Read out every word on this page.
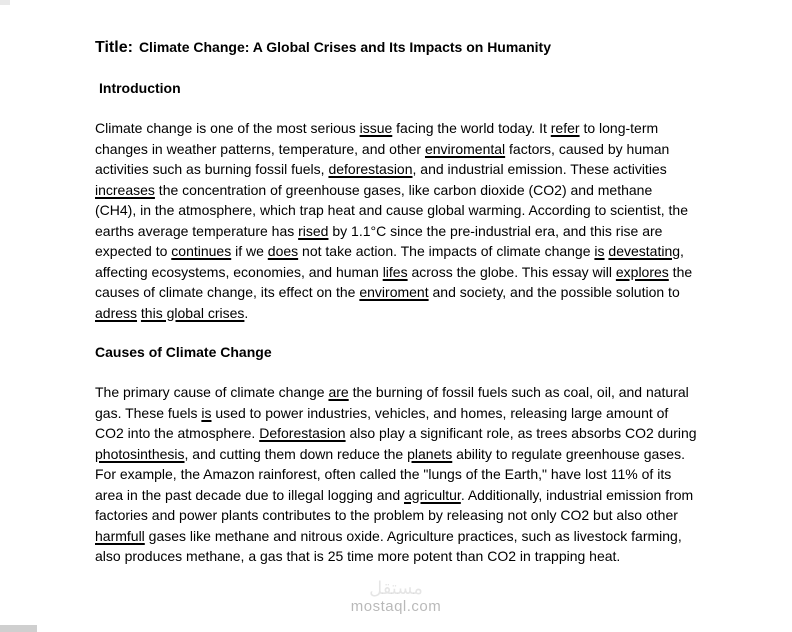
Title: Climate Change: A Global Crises and Its Impacts on Humanity
Introduction

Climate change is one of the most serious issue facing the world today. It refer to long-term changes in weather patterns, temperature, and other enviromental factors, caused by human activities such as burning fossil fuels, deforestasion, and industrial emission. These activities increases the concentration of greenhouse gases, like carbon dioxide (CO2) and methane (CH4), in the atmosphere, which trap heat and cause global warming. According to scientist, the earths average temperature has rised by 1.1°C since the pre-industrial era, and this rise are expected to continues if we does not take action. The impacts of climate change is devestating, affecting ecosystems, economies, and human lifes across the globe. This essay will explores the causes of climate change, its effect on the enviroment and society, and the possible solution to adress this global crises.

Causes of Climate Change

The primary cause of climate change are the burning of fossil fuels such as coal, oil, and natural gas. These fuels is used to power industries, vehicles, and homes, releasing large amount of CO2 into the atmosphere. Deforestasion also play a significant role, as trees absorbs CO2 during photosinthesis, and cutting them down reduce the planets ability to regulate greenhouse gases. For example, the Amazon rainforest, often called the "lungs of the Earth," have lost 11% of its area in the past decade due to illegal logging and agricultur. Additionally, industrial emission from factories and power plants contributes to the problem by releasing not only CO2 but also other harmfull gases like methane and nitrous oxide. Agriculture practices, such as livestock farming, also produces methane, a gas that is 25 time more potent than CO2 in trapping heat.

مستقل
mostaql.com
